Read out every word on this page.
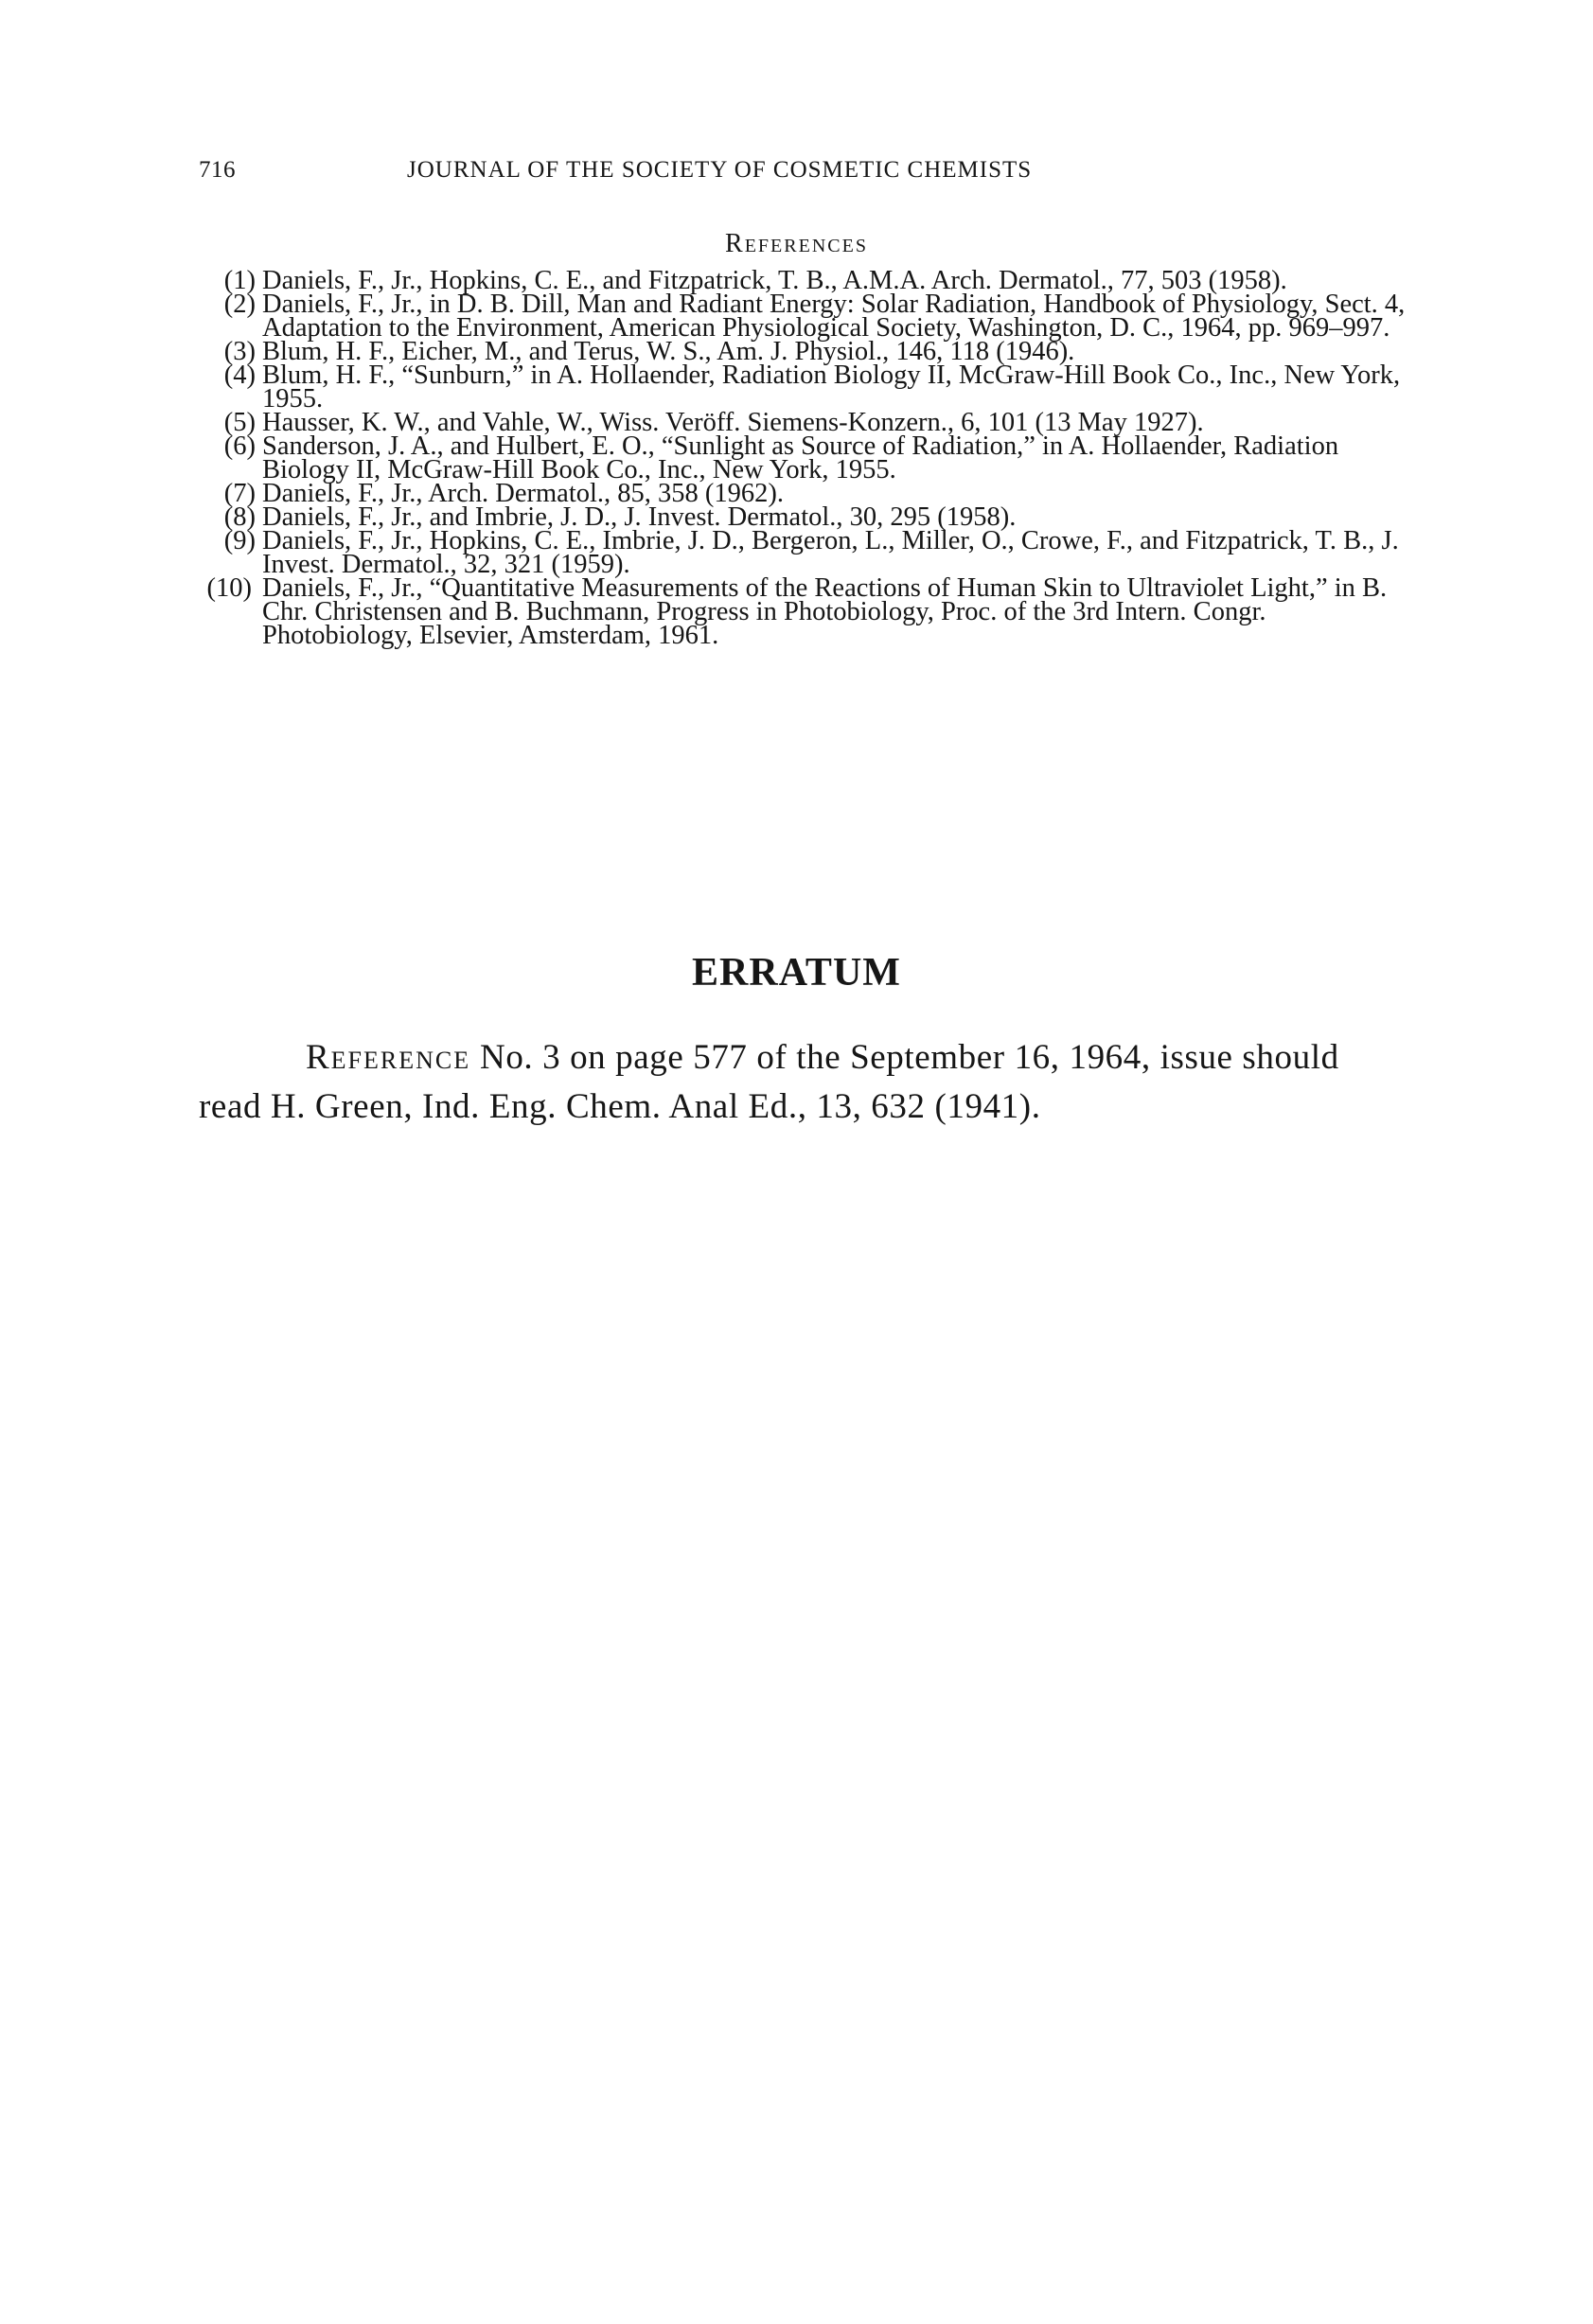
716	JOURNAL OF THE SOCIETY OF COSMETIC CHEMISTS
References
(1) Daniels, F., Jr., Hopkins, C. E., and Fitzpatrick, T. B., A.M.A. Arch. Dermatol., 77, 503 (1958).
(2) Daniels, F., Jr., in D. B. Dill, Man and Radiant Energy: Solar Radiation, Handbook of Physiology, Sect. 4, Adaptation to the Environment, American Physiological Society, Washington, D. C., 1964, pp. 969–997.
(3) Blum, H. F., Eicher, M., and Terus, W. S., Am. J. Physiol., 146, 118 (1946).
(4) Blum, H. F., “Sunburn,” in A. Hollaender, Radiation Biology II, McGraw-Hill Book Co., Inc., New York, 1955.
(5) Hausser, K. W., and Vahle, W., Wiss. Veröff. Siemens-Konzern., 6, 101 (13 May 1927).
(6) Sanderson, J. A., and Hulbert, E. O., “Sunlight as Source of Radiation,” in A. Hollaender, Radiation Biology II, McGraw-Hill Book Co., Inc., New York, 1955.
(7) Daniels, F., Jr., Arch. Dermatol., 85, 358 (1962).
(8) Daniels, F., Jr., and Imbrie, J. D., J. Invest. Dermatol., 30, 295 (1958).
(9) Daniels, F., Jr., Hopkins, C. E., Imbrie, J. D., Bergeron, L., Miller, O., Crowe, F., and Fitzpatrick, T. B., J. Invest. Dermatol., 32, 321 (1959).
(10) Daniels, F., Jr., “Quantitative Measurements of the Reactions of Human Skin to Ultraviolet Light,” in B. Chr. Christensen and B. Buchmann, Progress in Photobiology, Proc. of the 3rd Intern. Congr. Photobiology, Elsevier, Amsterdam, 1961.
ERRATUM
Reference No. 3 on page 577 of the September 16, 1964, issue should read H. Green, Ind. Eng. Chem. Anal Ed., 13, 632 (1941).
